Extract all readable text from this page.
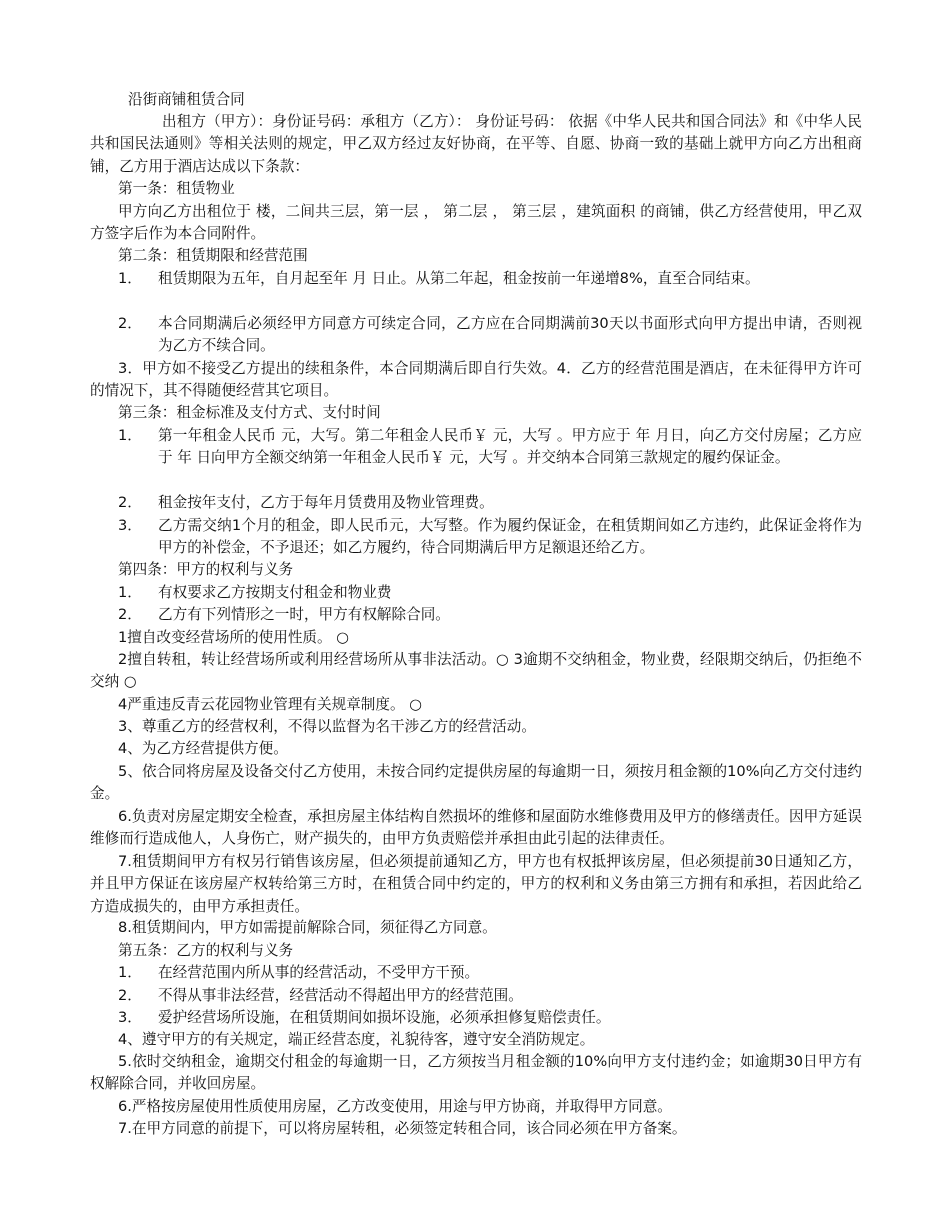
沿街商铺租赁合同
出租方（甲方）：身份证号码：承租方（乙方）： 身份证号码： 依据《中华人民共和国合同法》和《中华人民共和国民法通则》等相关法则的规定，甲乙双方经过友好协商，在平等、自愿、协商一致的基础上就甲方向乙方出租商铺，乙方用于酒店达成以下条款：
第一条：租赁物业
甲方向乙方出租位于 楼，二间共三层，第一层 ， 第二层 ， 第三层 ，建筑面积 的商铺，供乙方经营使用，甲乙双方签字后作为本合同附件。
第二条：租赁期限和经营范围
1． 租赁期限为五年，自月起至年 月 日止。从第二年起，租金按前一年递增8%，直至合同结束。
2． 本合同期满后必须经甲方同意方可续定合同，乙方应在合同期满前30天以书面形式向甲方提出申请，否则视为乙方不续合同。
3．甲方如不接受乙方提出的续租条件，本合同期满后即自行失效。4．乙方的经营范围是酒店，在未征得甲方许可的情况下，其不得随便经营其它项目。
第三条：租金标准及支付方式、支付时间
1． 第一年租金人民币 元，大写。第二年租金人民币￥ 元，大写 。甲方应于 年 月日，向乙方交付房屋；乙方应于 年 日向甲方全额交纳第一年租金人民币￥ 元，大写 。并交纳本合同第三款规定的履约保证金。
2． 租金按年支付，乙方于每年月赁费用及物业管理费。
3． 乙方需交纳1个月的租金，即人民币元，大写整。作为履约保证金，在租赁期间如乙方违约，此保证金将作为甲方的补偿金，不予退还；如乙方履约，待合同期满后甲方足额退还给乙方。
第四条：甲方的权利与义务
1． 有权要求乙方按期支付租金和物业费
2． 乙方有下列情形之一时，甲方有权解除合同。
1擅自改变经营场所的使用性质。 ○
2擅自转租，转让经营场所或利用经营场所从事非法活动。○ 3逾期不交纳租金，物业费，经限期交纳后，仍拒绝不交纳 ○
4严重违反青云花园物业管理有关规章制度。 ○
3、尊重乙方的经营权利，不得以监督为名干涉乙方的经营活动。
4、为乙方经营提供方便。
5、依合同将房屋及设备交付乙方使用，未按合同约定提供房屋的每逾期一日，须按月租金额的10%向乙方交付违约金。
6.负责对房屋定期安全检查，承担房屋主体结构自然损坏的维修和屋面防水维修费用及甲方的修缮责任。因甲方延误维修而行造成他人，人身伤亡，财产损失的，由甲方负责赔偿并承担由此引起的法律责任。
7.租赁期间甲方有权另行销售该房屋，但必须提前通知乙方，甲方也有权抵押该房屋，但必须提前30日通知乙方，并且甲方保证在该房屋产权转给第三方时，在租赁合同中约定的，甲方的权利和义务由第三方拥有和承担，若因此给乙方造成损失的，由甲方承担责任。
8.租赁期间内，甲方如需提前解除合同，须征得乙方同意。
第五条：乙方的权利与义务
1． 在经营范围内所从事的经营活动，不受甲方干预。
2． 不得从事非法经营，经营活动不得超出甲方的经营范围。
3． 爱护经营场所设施，在租赁期间如损坏设施，必须承担修复赔偿责任。
4、遵守甲方的有关规定，端正经营态度，礼貌待客，遵守安全消防规定。
5.依时交纳租金，逾期交付租金的每逾期一日，乙方须按当月租金额的10%向甲方支付违约金；如逾期30日甲方有权解除合同，并收回房屋。
6.严格按房屋使用性质使用房屋，乙方改变使用，用途与甲方协商，并取得甲方同意。
7.在甲方同意的前提下，可以将房屋转租，必须签定转租合同，该合同必须在甲方备案。
